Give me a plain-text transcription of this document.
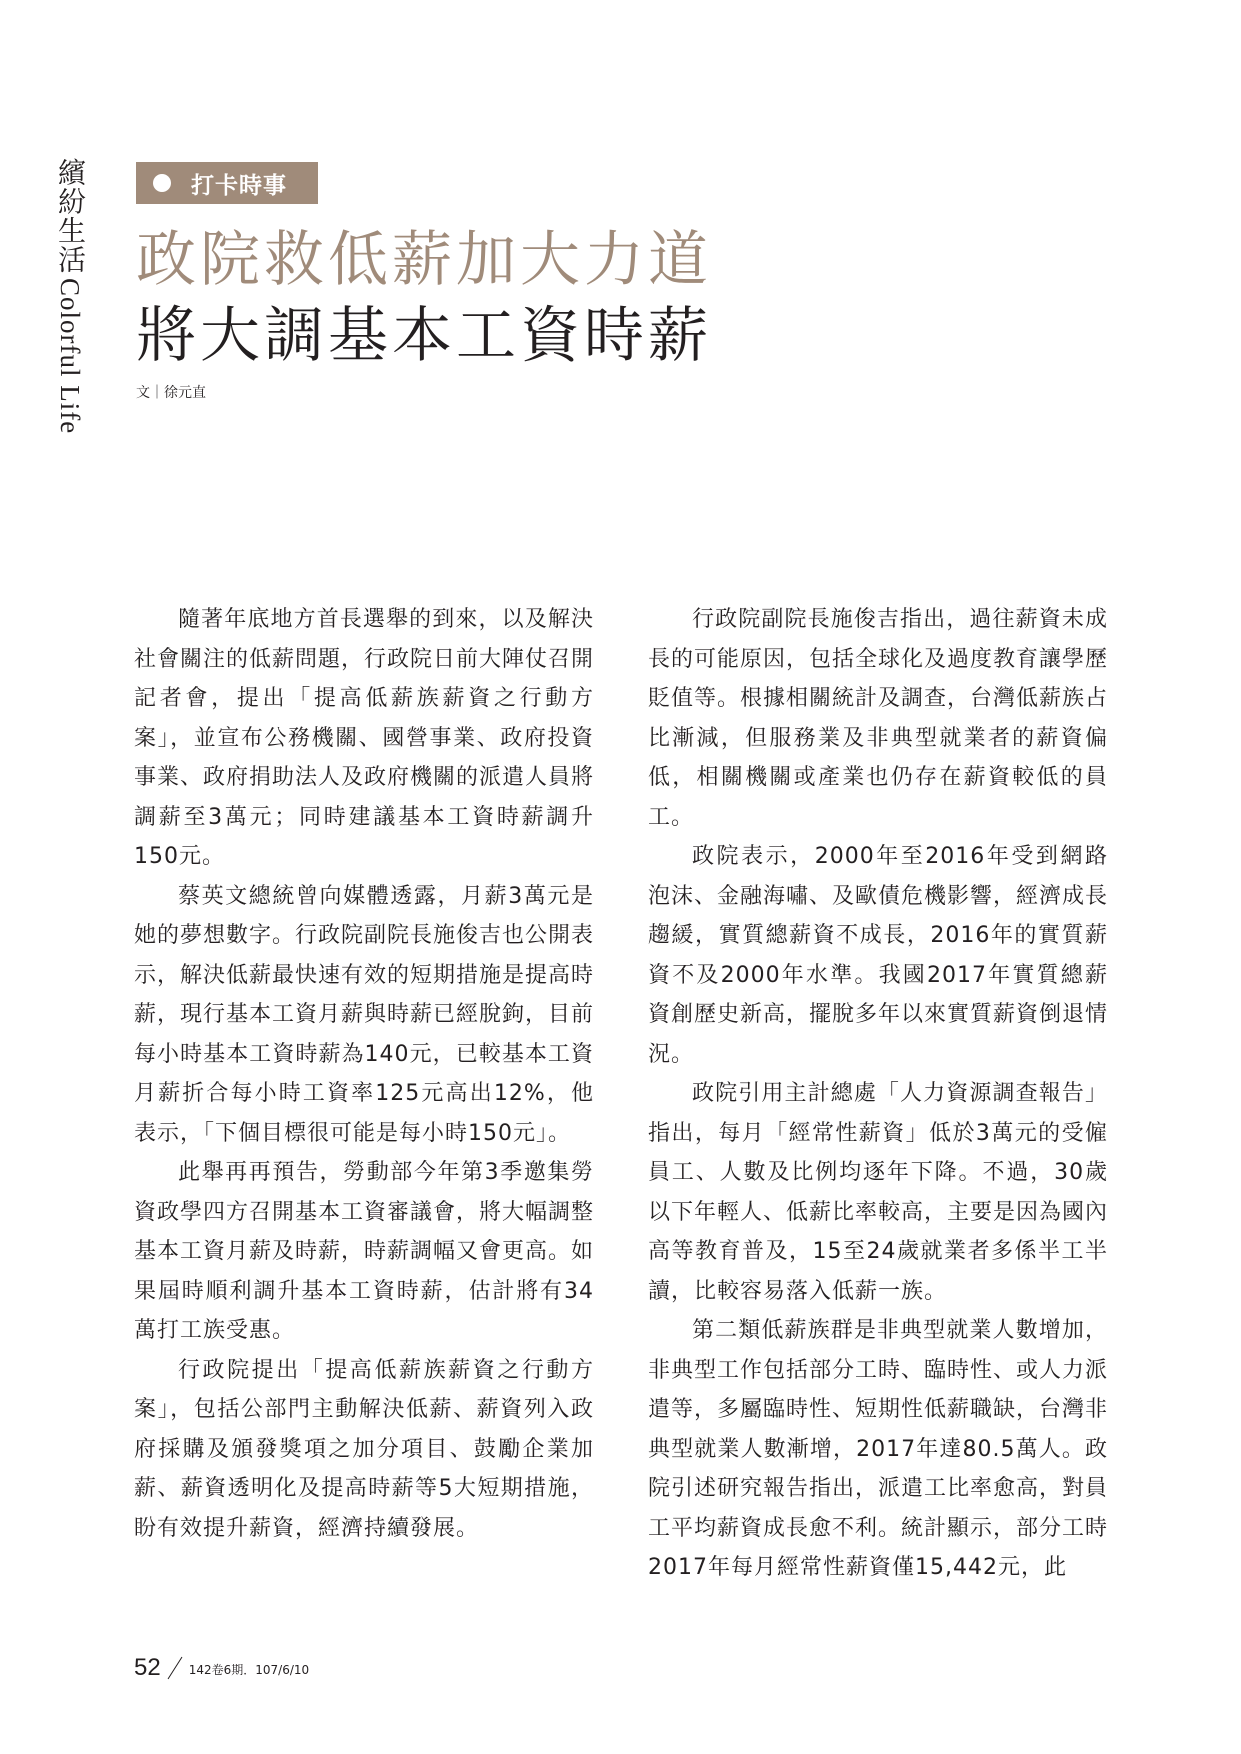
繽紛生活Colorful Life
打卡時事
政院救低薪加大力道
將大調基本工資時薪
文｜徐元直

隨著年底地方首長選舉的到來，以及解決社會關注的低薪問題，行政院日前大陣仗召開記者會，提出「提高低薪族薪資之行動方案」，並宣布公務機關、國營事業、政府投資事業、政府捐助法人及政府機關的派遣人員將調薪至3萬元；同時建議基本工資時薪調升150元。

蔡英文總統曾向媒體透露，月薪3萬元是她的夢想數字。行政院副院長施俊吉也公開表示，解決低薪最快速有效的短期措施是提高時薪，現行基本工資月薪與時薪已經脫鉤，目前每小時基本工資時薪為140元，已較基本工資月薪折合每小時工資率125元高出12%，他表示，「下個目標很可能是每小時150元」。

此舉再再預告，勞動部今年第3季邀集勞資政學四方召開基本工資審議會，將大幅調整基本工資月薪及時薪，時薪調幅又會更高。如果屆時順利調升基本工資時薪，估計將有34萬打工族受惠。

行政院提出「提高低薪族薪資之行動方案」，包括公部門主動解決低薪、薪資列入政府採購及頒發獎項之加分項目、鼓勵企業加薪、薪資透明化及提高時薪等5大短期措施，盼有效提升薪資，經濟持續發展。

行政院副院長施俊吉指出，過往薪資未成長的可能原因，包括全球化及過度教育讓學歷貶值等。根據相關統計及調查，台灣低薪族占比漸減，但服務業及非典型就業者的薪資偏低，相關機關或產業也仍存在薪資較低的員工。

政院表示，2000年至2016年受到網路泡沫、金融海嘯、及歐債危機影響，經濟成長趨緩，實質總薪資不成長，2016年的實質薪資不及2000年水準。我國2017年實質總薪資創歷史新高，擺脫多年以來實質薪資倒退情況。

政院引用主計總處「人力資源調查報告」指出，每月「經常性薪資」低於3萬元的受僱員工、人數及比例均逐年下降。不過，30歲以下年輕人、低薪比率較高，主要是因為國內高等教育普及，15至24歲就業者多係半工半讀，比較容易落入低薪一族。

第二類低薪族群是非典型就業人數增加，非典型工作包括部分工時、臨時性、或人力派遣等，多屬臨時性、短期性低薪職缺，台灣非典型就業人數漸增，2017年達80.5萬人。政院引述研究報告指出，派遣工比率愈高，對員工平均薪資成長愈不利。統計顯示，部分工時2017年每月經常性薪資僅15,442元，此

52 142卷6期．107/6/10
